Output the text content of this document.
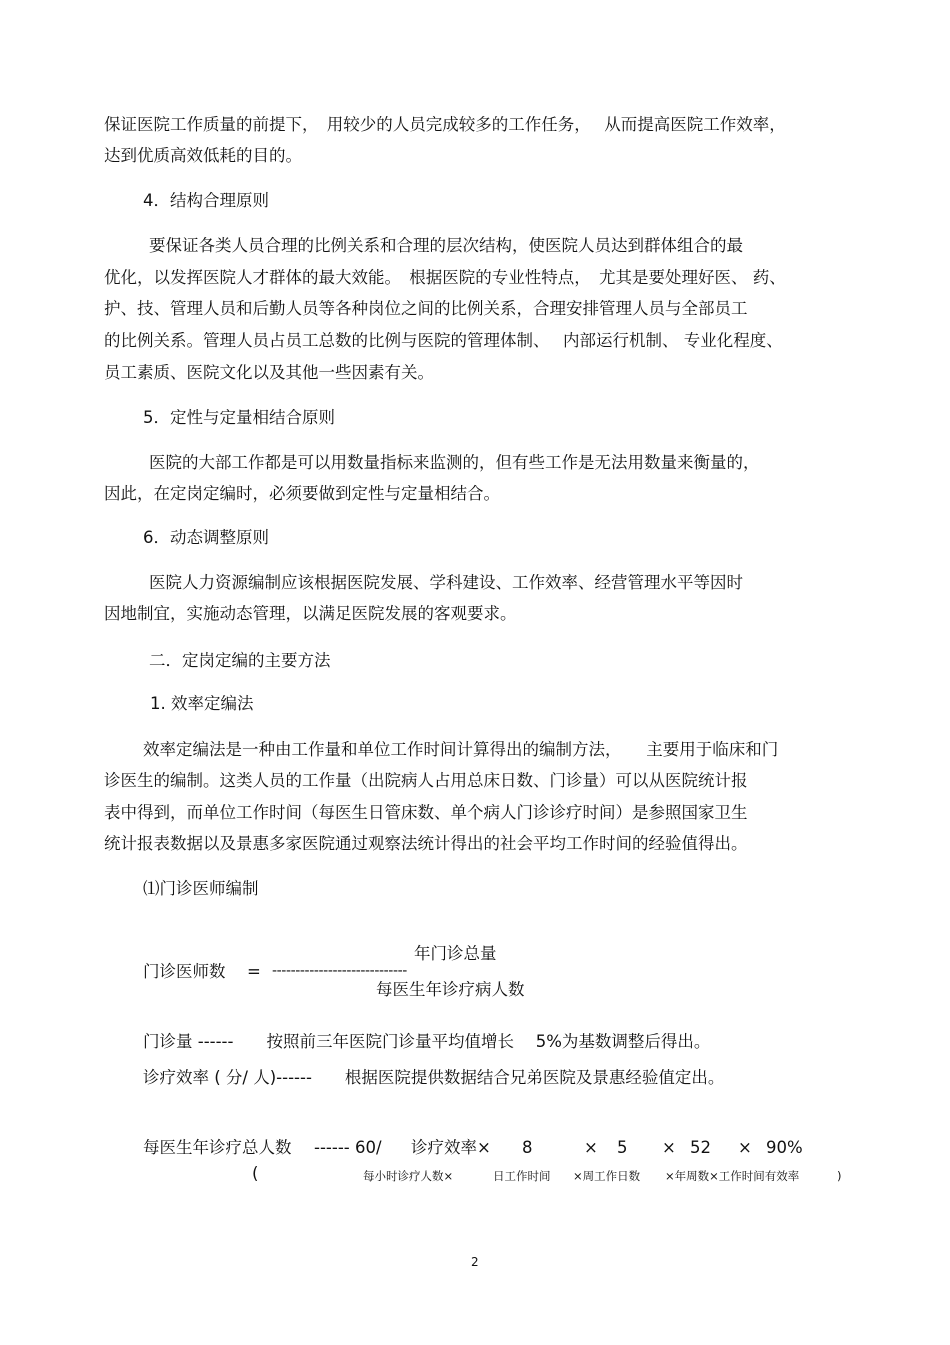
保证医院工作质量的前提下，　用较少的人员完成较多的工作任务，　 从而提高医院工作效率，
达到优质高效低耗的目的。
4．结构合理原则
要保证各类人员合理的比例关系和合理的层次结构，使医院人员达到群体组合的最
优化，以发挥医院人才群体的最大效能。　根据医院的专业性特点，　尤其是要处理好医、 药、
护、技、管理人员和后勤人员等各种岗位之间的比例关系，合理安排管理人员与全部员工
的比例关系。管理人员占员工总数的比例与医院的管理体制、　 内部运行机制、 专业化程度、
员工素质、医院文化以及其他一些因素有关。
5．定性与定量相结合原则
医院的大部工作都是可以用数量指标来监测的，但有些工作是无法用数量来衡量的，
因此，在定岗定编时，必须要做到定性与定量相结合。
6．动态调整原则
医院人力资源编制应该根据医院发展、学科建设、工作效率、经营管理水平等因时
因地制宜，实施动态管理，以满足医院发展的客观要求。
二．定岗定编的主要方法
1. 效率定编法
效率定编法是一种由工作量和单位工作时间计算得出的编制方法，　　主要用于临床和门
诊医生的编制。这类人员的工作量（出院病人占用总床日数、门诊量）可以从医院统计报
表中得到，而单位工作时间（每医生日管床数、单个病人门诊诊疗时间）是参照国家卫生
统计报表数据以及景惠多家医院通过观察法统计得出的社会平均工作时间的经验值得出。
⑴门诊医师编制
年门诊总量
门诊医师数 = -----------------------------
每医生年诊疗病人数
门诊量 ------　　按照前三年医院门诊量平均值增长　 5%为基数调整后得出。
诊疗效率 ( 分/ 人)------　　根据医院提供数据结合兄弟医院及景惠经验值定出。
每医生年诊疗总人数 ------ 60/ 诊疗效率× 8	× 5 × 52 × 90%
(	每小时诊疗人数×	日工作时间 ×周工作日数 ×年周数×工作时间有效率	)
2
